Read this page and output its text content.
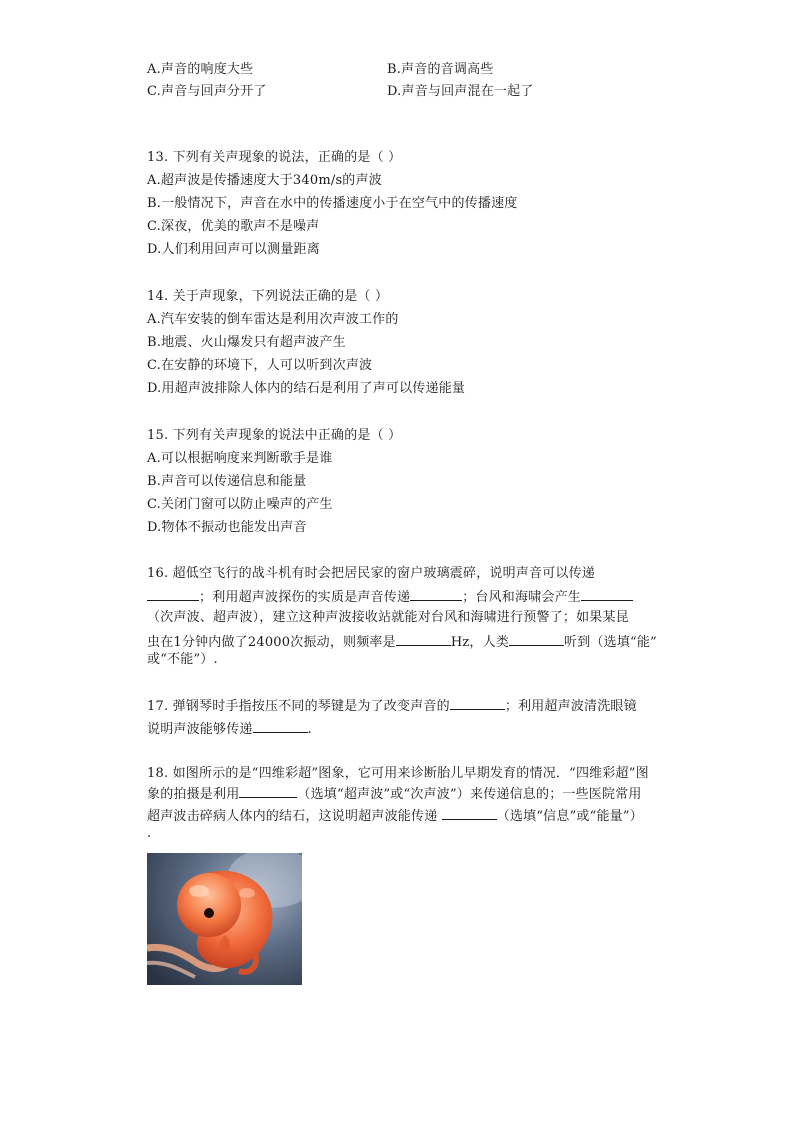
A.声音的响度大些	B.声音的音调高些
C.声音与回声分开了	D.声音与回声混在一起了
13. 下列有关声现象的说法，正确的是（ ）
A.超声波是传播速度大于340m/s的声波
B.一般情况下，声音在水中的传播速度小于在空气中的传播速度
C.深夜，优美的歌声不是噪声
D.人们利用回声可以测量距离
14. 关于声现象，下列说法正确的是（ ）
A.汽车安装的倒车雷达是利用次声波工作的
B.地震、火山爆发只有超声波产生
C.在安静的环境下，人可以听到次声波
D.用超声波排除人体内的结石是利用了声可以传递能量
15. 下列有关声现象的说法中正确的是（ ）
A.可以根据响度来判断歌手是谁
B.声音可以传递信息和能量
C.关闭门窗可以防止噪声的产生
D.物体不振动也能发出声音
16. 超低空飞行的战斗机有时会把居民家的窗户玻璃震碎，说明声音可以传递
；利用超声波探伤的实质是声音传递	；台风和海啸会产生
（次声波、超声波），建立这种声波接收站就能对台风和海啸进行预警了；如果某昆
虫在1分钟内做了24000次振动，则频率是	Hz，人类	听到（选填“能”
或“不能”）.
17. 弹钢琴时手指按压不同的琴键是为了改变声音的	；利用超声波清洗眼镜
说明声波能够传递	.
18. 如图所示的是“四维彩超”图象，它可用来诊断胎儿早期发育的情况．“四维彩超”图
象的拍摄是利用	（选填“超声波”或“次声波”）来传递信息的；一些医院常用
超声波击碎病人体内的结石，这说明超声波能传递	（选填“信息”或“能量”）
.
